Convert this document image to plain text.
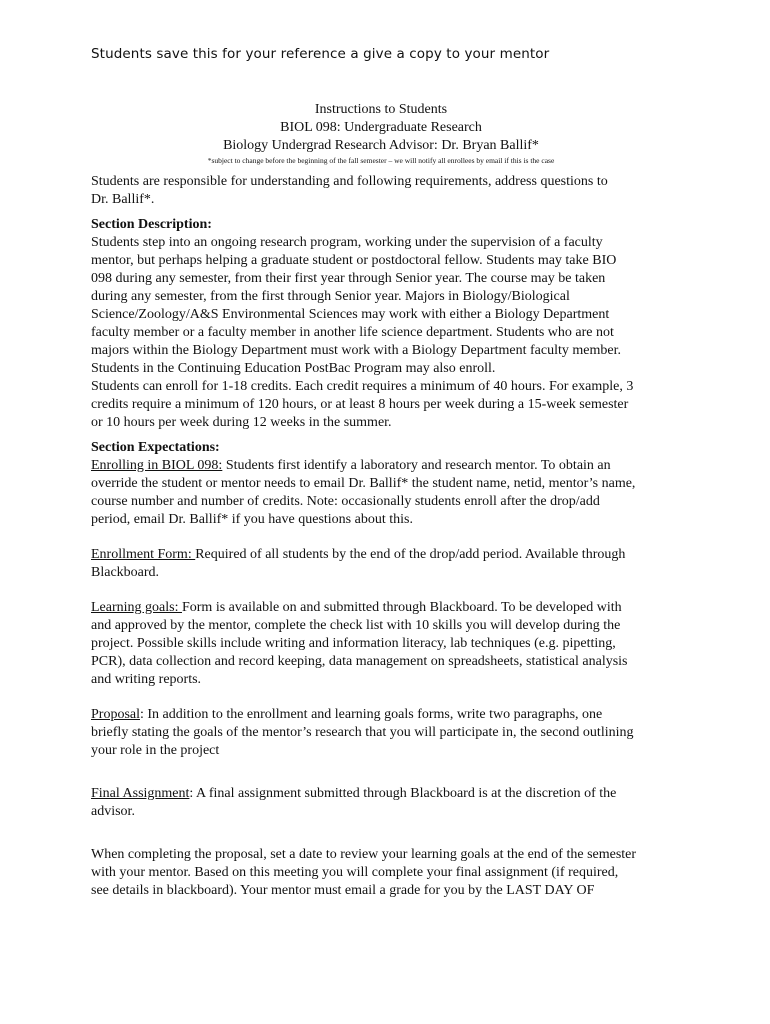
Students save this for your reference a give a copy to your mentor
Instructions to Students
BIOL 098: Undergraduate Research
Biology Undergrad Research Advisor: Dr. Bryan Ballif*
*subject to change before the beginning of the fall semester – we will notify all enrollees by email if this is the case

Students are responsible for understanding and following requirements, address questions to
Dr. Ballif*.

Section Description:
Students step into an ongoing research program, working under the supervision of a faculty
mentor, but perhaps helping a graduate student or postdoctoral fellow. Students may take BIO
098 during any semester, from their first year through Senior year. The course may be taken
during any semester, from the first through Senior year. Majors in Biology/Biological
Science/Zoology/A&S Environmental Sciences may work with either a Biology Department
faculty member or a faculty member in another life science department. Students who are not
majors within the Biology Department must work with a Biology Department faculty member.
Students in the Continuing Education PostBac Program may also enroll.
Students can enroll for 1-18 credits. Each credit requires a minimum of 40 hours. For example, 3
credits require a minimum of 120 hours, or at least 8 hours per week during a 15-week semester
or 10 hours per week during 12 weeks in the summer.

Section Expectations:
Enrolling in BIOL 098: Students first identify a laboratory and research mentor. To obtain an
override the student or mentor needs to email Dr. Ballif* the student name, netid, mentor’s name,
course number and number of credits. Note: occasionally students enroll after the drop/add
period, email Dr. Ballif* if you have questions about this.

Enrollment Form: Required of all students by the end of the drop/add period. Available through
Blackboard.

Learning goals: Form is available on and submitted through Blackboard. To be developed with
and approved by the mentor, complete the check list with 10 skills you will develop during the
project. Possible skills include writing and information literacy, lab techniques (e.g. pipetting,
PCR), data collection and record keeping, data management on spreadsheets, statistical analysis
and writing reports.

Proposal: In addition to the enrollment and learning goals forms, write two paragraphs, one
briefly stating the goals of the mentor’s research that you will participate in, the second outlining
your role in the project

Final Assignment: A final assignment submitted through Blackboard is at the discretion of the
advisor.

When completing the proposal, set a date to review your learning goals at the end of the semester
with your mentor. Based on this meeting you will complete your final assignment (if required,
see details in blackboard). Your mentor must email a grade for you by the LAST DAY OF
